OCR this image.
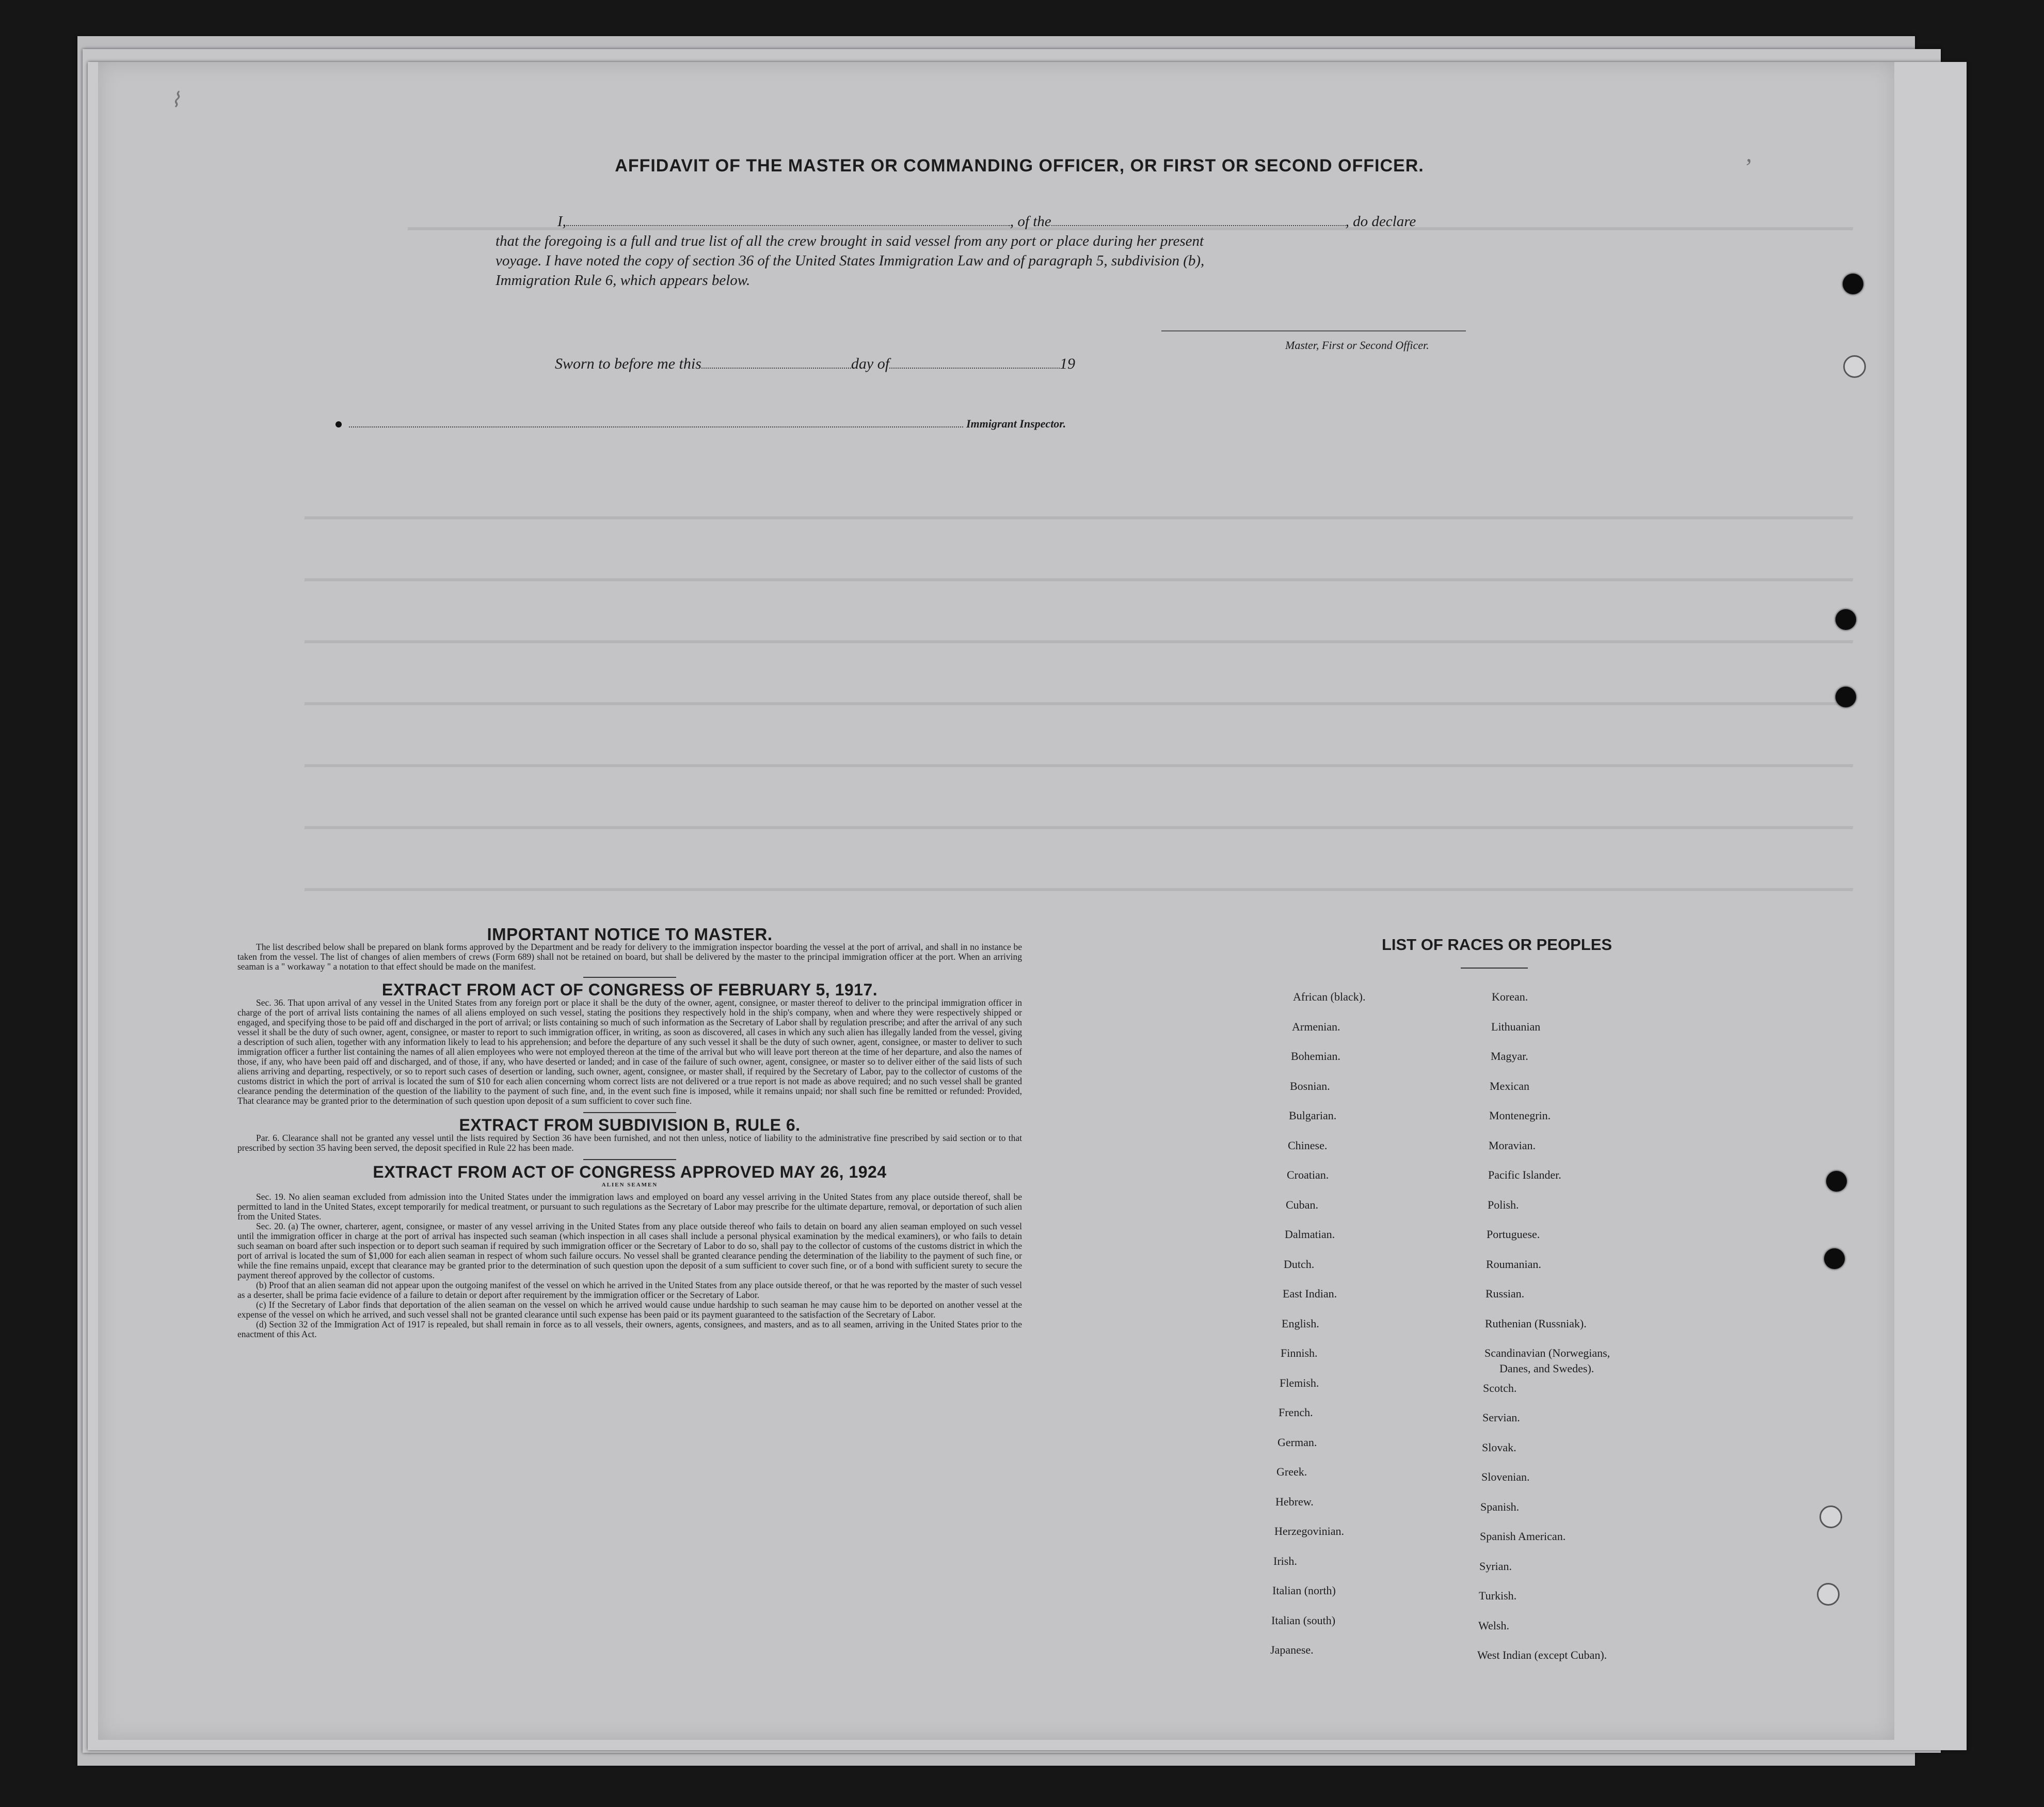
⌇
‚
AFFIDAVIT OF THE MASTER OR COMMANDING OFFICER, OR FIRST OR SECOND OFFICER.
I,	, of the	, do declare
that the foregoing is a full and true list of all the crew brought in said vessel from any port or place during her present
voyage. I have noted the copy of section 36 of the United States Immigration Law and of paragraph 5, subdivision (b),
Immigration Rule 6, which appears below.
Master, First or Second Officer.
Sworn to before me this	day of	19
Immigrant Inspector.
IMPORTANT NOTICE TO MASTER.

The list described below shall be prepared on blank forms approved by the Department and be ready for delivery to the immigration inspector boarding the vessel at the port of arrival, and shall in no instance be taken from the vessel. The list of changes of alien members of crews (Form 689) shall not be retained on board, but shall be delivered by the master to the principal immigration officer at the port. When an arriving seaman is a " workaway " a notation to that effect should be made on the manifest.

EXTRACT FROM ACT OF CONGRESS OF FEBRUARY 5, 1917.

Sec. 36. That upon arrival of any vessel in the United States from any foreign port or place it shall be the duty of the owner, agent, consignee, or master thereof to deliver to the principal immigration officer in charge of the port of arrival lists containing the names of all aliens employed on such vessel, stating the positions they respectively hold in the ship's company, when and where they were respectively shipped or engaged, and specifying those to be paid off and discharged in the port of arrival; or lists containing so much of such information as the Secretary of Labor shall by regulation prescribe; and after the arrival of any such vessel it shall be the duty of such owner, agent, consignee, or master to report to such immigration officer, in writing, as soon as discovered, all cases in which any such alien has illegally landed from the vessel, giving a description of such alien, together with any information likely to lead to his apprehension; and before the departure of any such vessel it shall be the duty of such owner, agent, consignee, or master to deliver to such immigration officer a further list containing the names of all alien employees who were not employed thereon at the time of the arrival but who will leave port thereon at the time of her departure, and also the names of those, if any, who have been paid off and discharged, and of those, if any, who have deserted or landed; and in case of the failure of such owner, agent, consignee, or master so to deliver either of the said lists of such aliens arriving and departing, respectively, or so to report such cases of desertion or landing, such owner, agent, consignee, or master shall, if required by the Secretary of Labor, pay to the collector of customs of the customs district in which the port of arrival is located the sum of $10 for each alien concerning whom correct lists are not delivered or a true report is not made as above required; and no such vessel shall be granted clearance pending the determination of the question of the liability to the payment of such fine, and, in the event such fine is imposed, while it remains unpaid; nor shall such fine be remitted or refunded: Provided, That clearance may be granted prior to the determination of such question upon deposit of a sum sufficient to cover such fine.

EXTRACT FROM SUBDIVISION B, RULE 6.

Par. 6. Clearance shall not be granted any vessel until the lists required by Section 36 have been furnished, and not then unless, notice of liability to the administrative fine prescribed by said section or to that prescribed by section 35 having been served, the deposit specified in Rule 22 has been made.

EXTRACT FROM ACT OF CONGRESS APPROVED MAY 26, 1924
ALIEN SEAMEN

Sec. 19. No alien seaman excluded from admission into the United States under the immigration laws and employed on board any vessel arriving in the United States from any place outside thereof, shall be permitted to land in the United States, except temporarily for medical treatment, or pursuant to such regulations as the Secretary of Labor may prescribe for the ultimate departure, removal, or deportation of such alien from the United States.

Sec. 20. (a) The owner, charterer, agent, consignee, or master of any vessel arriving in the United States from any place outside thereof who fails to detain on board any alien seaman employed on such vessel until the immigration officer in charge at the port of arrival has inspected such seaman (which inspection in all cases shall include a personal physical examination by the medical examiners), or who fails to detain such seaman on board after such inspection or to deport such seaman if required by such immigration officer or the Secretary of Labor to do so, shall pay to the collector of customs of the customs district in which the port of arrival is located the sum of $1,000 for each alien seaman in respect of whom such failure occurs. No vessel shall be granted clearance pending the determination of the liability to the payment of such fine, or while the fine remains unpaid, except that clearance may be granted prior to the determination of such question upon the deposit of a sum sufficient to cover such fine, or of a bond with sufficient surety to secure the payment thereof approved by the collector of customs.

(b) Proof that an alien seaman did not appear upon the outgoing manifest of the vessel on which he arrived in the United States from any place outside thereof, or that he was reported by the master of such vessel as a deserter, shall be prima facie evidence of a failure to detain or deport after requirement by the immigration officer or the Secretary of Labor.

(c) If the Secretary of Labor finds that deportation of the alien seaman on the vessel on which he arrived would cause undue hardship to such seaman he may cause him to be deported on another vessel at the expense of the vessel on which he arrived, and such vessel shall not be granted clearance until such expense has been paid or its payment guaranteed to the satisfaction of the Secretary of Labor.

(d) Section 32 of the Immigration Act of 1917 is repealed, but shall remain in force as to all vessels, their owners, agents, consignees, and masters, and as to all seamen, arriving in the United States prior to the enactment of this Act.

LIST OF RACES OR PEOPLES
African (black).
Armenian.
Bohemian.
Bosnian.
Bulgarian.
Chinese.
Croatian.
Cuban.
Dalmatian.
Dutch.
East Indian.
English.
Finnish.
Flemish.
French.
German.
Greek.
Hebrew.
Herzegovinian.
Irish.
Italian (north)
Italian (south)
Japanese.
Korean.
Lithuanian
Magyar.
Mexican
Montenegrin.
Moravian.
Pacific Islander.
Polish.
Portuguese.
Roumanian.
Russian.
Ruthenian (Russniak).
Scandinavian (Norwegians,
Danes, and Swedes).
Scotch.
Servian.
Slovak.
Slovenian.
Spanish.
Spanish American.
Syrian.
Turkish.
Welsh.
West Indian (except Cuban).
